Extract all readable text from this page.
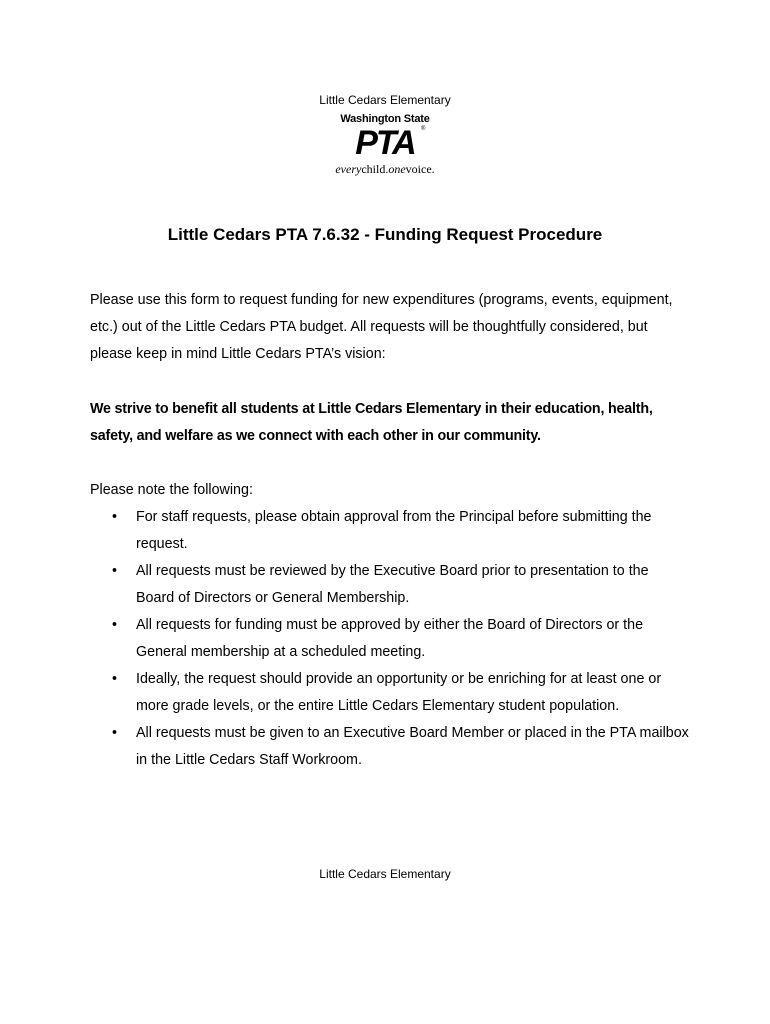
Little Cedars Elementary
Washington State
PTA	®
everychild.onevoice.
Little Cedars PTA 7.6.32 - Funding Request Procedure
Please use this form to request funding for new expenditures (programs, events, equipment, etc.) out of the Little Cedars PTA budget. All requests will be thoughtfully considered, but please keep in mind Little Cedars PTA’s vision:
We strive to benefit all students at Little Cedars Elementary in their education, health, safety, and welfare as we connect with each other in our community.
Please note the following:
• For staff requests, please obtain approval from the Principal before submitting the request.
• All requests must be reviewed by the Executive Board prior to presentation to the Board of Directors or General Membership.
• All requests for funding must be approved by either the Board of Directors or the General membership at a scheduled meeting.
• Ideally, the request should provide an opportunity or be enriching for at least one or more grade levels, or the entire Little Cedars Elementary student population.
• All requests must be given to an Executive Board Member or placed in the PTA mailbox in the Little Cedars Staff Workroom.
Little Cedars Elementary
